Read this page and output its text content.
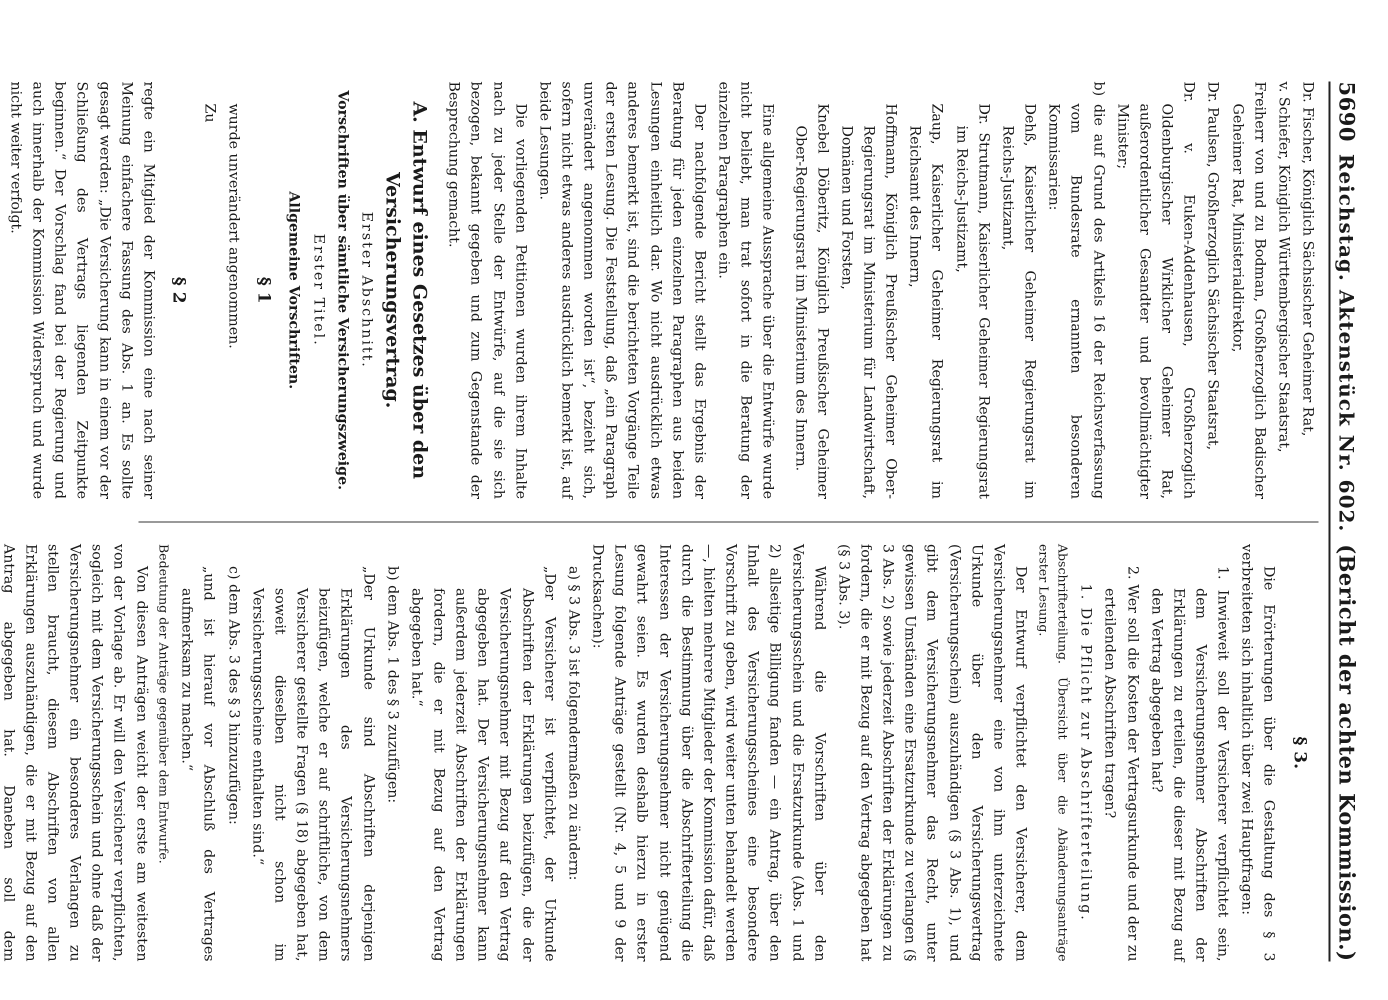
5690
Reichstag. Aktenstück Nr. 602.
(Bericht der achten Kommission.)

Dr. Fischer, Königlich Sächsischer Geheimer Rat,

v. Schiefer, Königlich Württembergischer Staatsrat,

Freiherr von und zu Bodman, Großherzoglich Badischer Geheimer Rat, Ministerialdirektor,

Dr. Paulsen, Großherzoglich Sächsischer Staatsrat,

Dr. v. Euken-Addenhausen, Großherzoglich Oldenburgischer Wirklicher Geheimer Rat, außerordentlicher Gesandter und bevollmächtigter Minister;

b) die auf Grund des Artikels 16 der Reichsverfassung vom Bundesrate ernannten besonderen Kommissarien:

Dehß, Kaiserlicher Geheimer Regierungsrat im Reichs-Justizamt,

Dr. Strutmann, Kaiserlicher Geheimer Regierungsrat im Reichs-Justizamt,

Zaup, Kaiserlicher Geheimer Regierungsrat im Reichsamt des Innern,

Hoffmann, Königlich Preußischer Geheimer Ober-Regierungsrat im Ministerium für Landwirtschaft, Domänen und Forsten,

Knebel Döberitz, Königlich Preußischer Geheimer Ober-Regierungsrat im Ministerium des Innern.

Eine allgemeine Aussprache über die Entwürfe wurde nicht beliebt, man trat sofort in die Beratung der einzelnen Paragraphen ein.

Der nachfolgende Bericht stellt das Ergebnis der Beratung für jeden einzelnen Paragraphen aus beiden Lesungen einheitlich dar. Wo nicht ausdrücklich etwas anderes bemerkt ist, sind die berichteten Vorgänge Teile der ersten Lesung. Die Feststellung, daß „ein Paragraph unverändert angenommen worden ist“, bezieht sich, sofern nicht etwas anderes ausdrücklich bemerkt ist, auf beide Lesungen.

Die vorliegenden Petitionen wurden ihrem Inhalte nach zu jeder Stelle der Entwürfe, auf die sie sich bezogen, bekannt gegeben und zum Gegenstande der Besprechung gemacht.

A. Entwurf eines Gesetzes über den Versicherungsvertrag.

Erster Abschnitt.

Vorschriften über sämtliche Versicherungszweige.

Erster Titel.

Allgemeine Vorschriften.

§ 1

wurde unverändert angenommen.

Zu

§ 2

regte ein Mitglied der Kommission eine nach seiner Meinung einfachere Fassung des Abs. 1 an. Es sollte gesagt werden: „Die Versicherung kann in einem vor der Schließung des Vertrags liegenden Zeitpunkte beginnen.“ Der Vorschlag fand bei der Regierung und auch innerhalb der Kommission Widerspruch und wurde nicht weiter verfolgt.

§ 3.

Die Erörterungen über die Gestaltung des § 3 verbreiteten sich inhaltlich über zwei Hauptfragen:

1. Inwieweit soll der Versicherer verpflichtet sein, dem Versicherungsnehmer Abschriften der Erklärungen zu erteilen, die dieser mit Bezug auf den Vertrag abgegeben hat?

2. Wer soll die Kosten der Vertragsurkunde und der zu erteilenden Abschriften tragen?

1. Die Pflicht zur Abschrifterteilung.

Abschrifterteilung. Übersicht über die Abänderungsanträge erster Lesung.

Der Entwurf verpflichtet den Versicherer, dem Versicherungsnehmer eine von ihm unterzeichnete Urkunde über den Versicherungsvertrag (Versicherungsschein) auszuhändigen (§ 3 Abs. 1), und gibt dem Versicherungsnehmer das Recht, unter gewissen Umständen eine Ersatzurkunde zu verlangen (§ 3 Abs. 2) sowie jederzeit Abschriften der Erklärungen zu fordern, die er mit Bezug auf den Vertrag abgegeben hat (§ 3 Abs. 3).

Während die Vorschriften über den Versicherungsschein und die Ersatzurkunde (Abs. 1 und 2) allseitige Billigung fanden — ein Antrag, über den Inhalt des Versicherungsscheines eine besondere Vorschrift zu geben, wird weiter unten behandelt werden —, hielten mehrere Mitglieder der Kommission dafür, daß durch die Bestimmung über die Abschrifterteilung die Interessen der Versicherungsnehmer nicht genügend gewahrt seien. Es wurden deshalb hierzu in erster Lesung folgende Anträge gestellt (Nr. 4, 5 und 9 der Drucksachen):

a) § 3 Abs. 3 ist folgendermaßen zu ändern:

„Der Versicherer ist verpflichtet, der Urkunde Abschriften der Erklärungen beizufügen, die der Versicherungsnehmer mit Bezug auf den Vertrag abgegeben hat. Der Versicherungsnehmer kann außerdem jederzeit Abschriften der Erklärungen fordern, die er mit Bezug auf den Vertrag abgegeben hat.“

b) dem Abs. 1 des § 3 zuzufügen:

„Der Urkunde sind Abschriften derjenigen Erklärungen des Versicherungsnehmers beizufügen, welche er auf schriftliche, von dem Versicherer gestellte Fragen (§ 18) abgegeben hat, soweit dieselben nicht schon im Versicherungsscheine enthalten sind.“

c) dem Abs. 3 des § 3 hinzuzufügen:

„und ist hierauf vor Abschluß des Vertrages aufmerksam zu machen.“

Bedeutung der Anträge gegenüber dem Entwurfe.

Von diesen Anträgen weicht der erste am weitesten von der Vorlage ab. Er will den Versicherer verpflichten, sogleich mit dem Versicherungsschein und ohne daß der Versicherungsnehmer ein besonderes Verlangen zu stellen braucht, diesem Abschriften von allen Erklärungen auszuhändigen, die er mit Bezug auf den Antrag abgegeben hat. Daneben soll dem
